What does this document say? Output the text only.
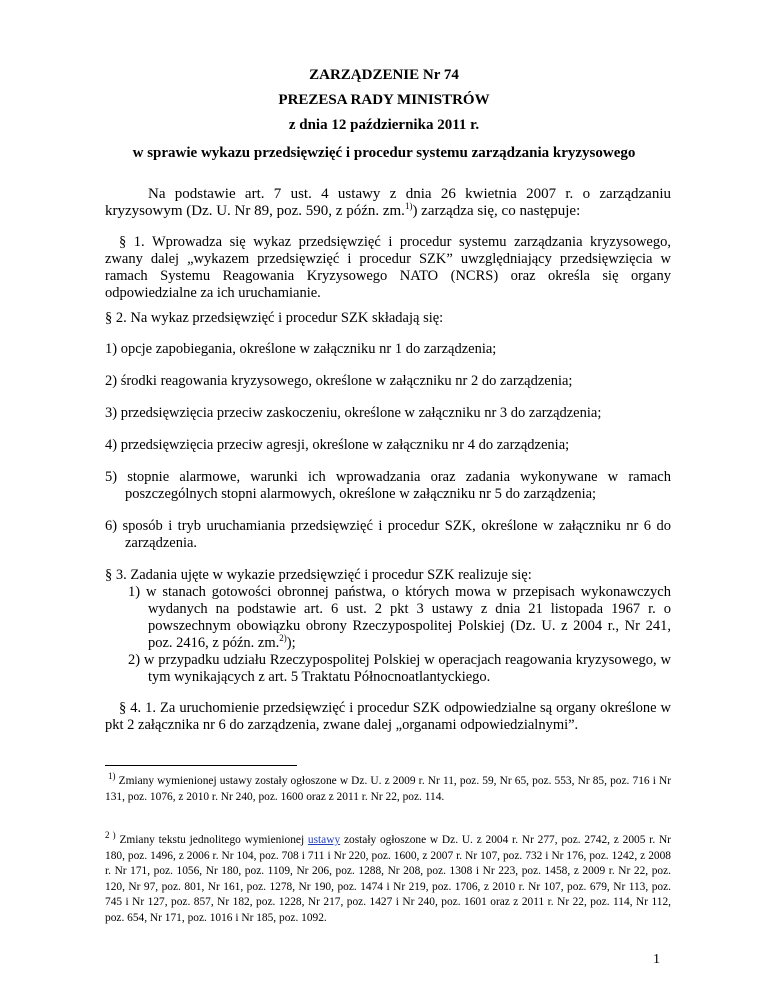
ZARZĄDZENIE Nr 74
PREZESA RADY MINISTRÓW
z dnia 12 października 2011 r.
w sprawie wykazu przedsięwzięć i procedur systemu zarządzania kryzysowego

Na podstawie art. 7 ust. 4 ustawy z dnia 26 kwietnia 2007 r. o zarządzaniu kryzysowym (Dz. U. Nr 89, poz. 590, z późn. zm.$^{1)}$) zarządza się, co następuje:

§ 1. Wprowadza się wykaz przedsięwzięć i procedur systemu zarządzania kryzysowego, zwany dalej „wykazem przedsięwzięć i procedur SZK” uwzględniający przedsięwzięcia w ramach Systemu Reagowania Kryzysowego NATO (NCRS) oraz określa się organy odpowiedzialne za ich uruchamianie.

§ 2. Na wykaz przedsięwzięć i procedur SZK składają się:

1) opcje zapobiegania, określone w załączniku nr 1 do zarządzenia;
2) środki reagowania kryzysowego, określone w załączniku nr 2 do zarządzenia;
3) przedsięwzięcia przeciw zaskoczeniu, określone w załączniku nr 3 do zarządzenia;
4) przedsięwzięcia przeciw agresji, określone w załączniku nr 4 do zarządzenia;
5) stopnie alarmowe, warunki ich wprowadzania oraz zadania wykonywane w ramach poszczególnych stopni alarmowych, określone w załączniku nr 5 do zarządzenia;
6) sposób i tryb uruchamiania przedsięwzięć i procedur SZK, określone w załączniku nr 6 do zarządzenia.

§ 3. Zadania ujęte w wykazie przedsięwzięć i procedur SZK realizuje się:

1) w stanach gotowości obronnej państwa, o których mowa w przepisach wykonawczych wydanych na podstawie art. 6 ust. 2 pkt 3 ustawy z dnia 21 listopada 1967 r. o powszechnym obowiązku obrony Rzeczypospolitej Polskiej (Dz. U. z 2004 r., Nr 241, poz. 2416, z późn. zm.$^{2)}$);
2) w przypadku udziału Rzeczypospolitej Polskiej w operacjach reagowania kryzysowego, w tym wynikających z art. 5 Traktatu Północnoatlantyckiego.

§ 4. 1. Za uruchomienie przedsięwzięć i procedur SZK odpowiedzialne są organy określone w pkt 2 załącznika nr 6 do zarządzenia, zwane dalej „organami odpowiedzialnymi”.

$^{1)}$ Zmiany wymienionej ustawy zostały ogłoszone w Dz. U. z 2009 r. Nr 11, poz. 59, Nr 65, poz. 553, Nr 85, poz. 716 i Nr 131, poz. 1076, z 2010 r. Nr 240, poz. 1600 oraz z 2011 r. Nr 22, poz. 114.

$^{2 )}$ Zmiany tekstu jednolitego wymienionej ustawy zostały ogłoszone w Dz. U. z 2004 r. Nr 277, poz. 2742, z 2005 r. Nr 180, poz. 1496, z 2006 r. Nr 104, poz. 708 i 711 i Nr 220, poz. 1600, z 2007 r. Nr 107, poz. 732 i Nr 176, poz. 1242, z 2008 r. Nr 171, poz. 1056, Nr 180, poz. 1109, Nr 206, poz. 1288, Nr 208, poz. 1308 i Nr 223, poz. 1458, z 2009 r. Nr 22, poz. 120, Nr 97, poz. 801, Nr 161, poz. 1278, Nr 190, poz. 1474 i Nr 219, poz. 1706, z 2010 r. Nr 107, poz. 679, Nr 113, poz. 745 i Nr 127, poz. 857, Nr 182, poz. 1228, Nr 217, poz. 1427 i Nr 240, poz. 1601 oraz z 2011 r. Nr 22, poz. 114, Nr 112, poz. 654, Nr 171, poz. 1016 i Nr 185, poz. 1092.

1
